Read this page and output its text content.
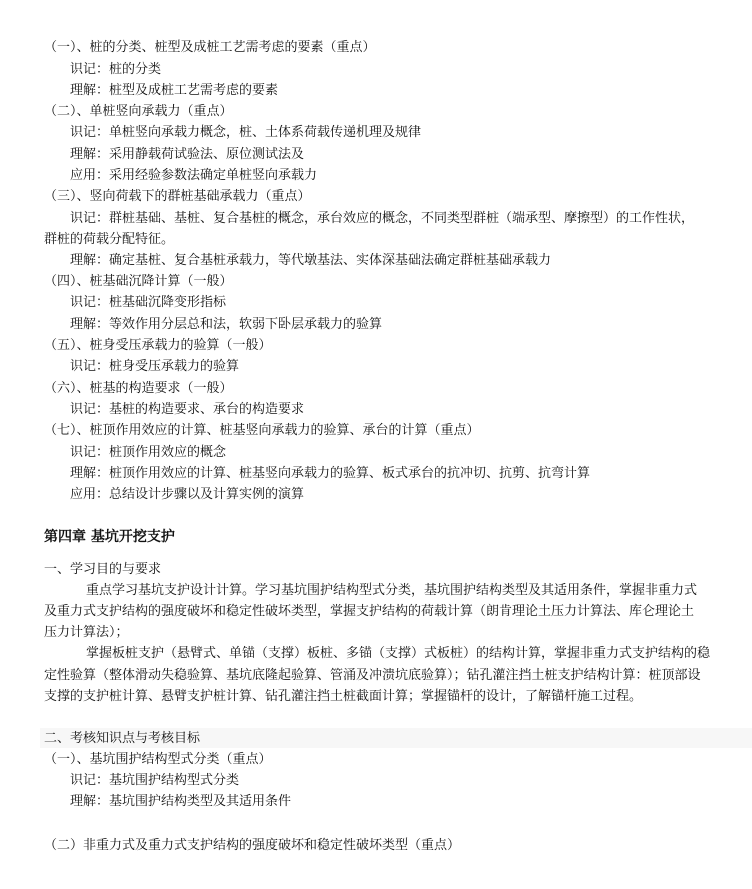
（一）、桩的分类、桩型及成桩工艺需考虑的要素（重点）
识记：桩的分类
理解：桩型及成桩工艺需考虑的要素
（二）、单桩竖向承载力（重点）
识记：单桩竖向承载力概念，桩、土体系荷载传递机理及规律
理解：采用静载荷试验法、原位测试法及
应用：采用经验参数法确定单桩竖向承载力
（三）、竖向荷载下的群桩基础承载力（重点）
识记：群桩基础、基桩、复合基桩的概念，承台效应的概念，不同类型群桩（端承型、摩擦型）的工作性状，
群桩的荷载分配特征。
理解：确定基桩、复合基桩承载力，等代墩基法、实体深基础法确定群桩基础承载力
（四）、桩基础沉降计算（一般）
识记：桩基础沉降变形指标
理解：等效作用分层总和法，软弱下卧层承载力的验算
（五）、桩身受压承载力的验算（一般）
识记：桩身受压承载力的验算
（六）、桩基的构造要求（一般）
识记：基桩的构造要求、承台的构造要求
（七）、桩顶作用效应的计算、桩基竖向承载力的验算、承台的计算（重点）
识记：桩顶作用效应的概念
理解：桩顶作用效应的计算、桩基竖向承载力的验算、板式承台的抗冲切、抗剪、抗弯计算
应用：总结设计步骤以及计算实例的演算
第四章 基坑开挖支护
一、学习目的与要求
重点学习基坑支护设计计算。学习基坑围护结构型式分类，基坑围护结构类型及其适用条件，掌握非重力式
及重力式支护结构的强度破坏和稳定性破坏类型，掌握支护结构的荷载计算（朗肯理论土压力计算法、库仑理论土
压力计算法）；
掌握板桩支护（悬臂式、单锚（支撑）板桩、多锚（支撑）式板桩）的结构计算，掌握非重力式支护结构的稳
定性验算（整体滑动失稳验算、基坑底隆起验算、管涌及冲溃坑底验算）；钻孔灌注挡土桩支护结构计算：桩顶部设
支撑的支护桩计算、悬臂支护桩计算、钻孔灌注挡土桩截面计算；掌握锚杆的设计，了解锚杆施工过程。
二、考核知识点与考核目标
（一）、基坑围护结构型式分类（重点）
识记：基坑围护结构型式分类
理解：基坑围护结构类型及其适用条件
（二）非重力式及重力式支护结构的强度破坏和稳定性破坏类型（重点）
